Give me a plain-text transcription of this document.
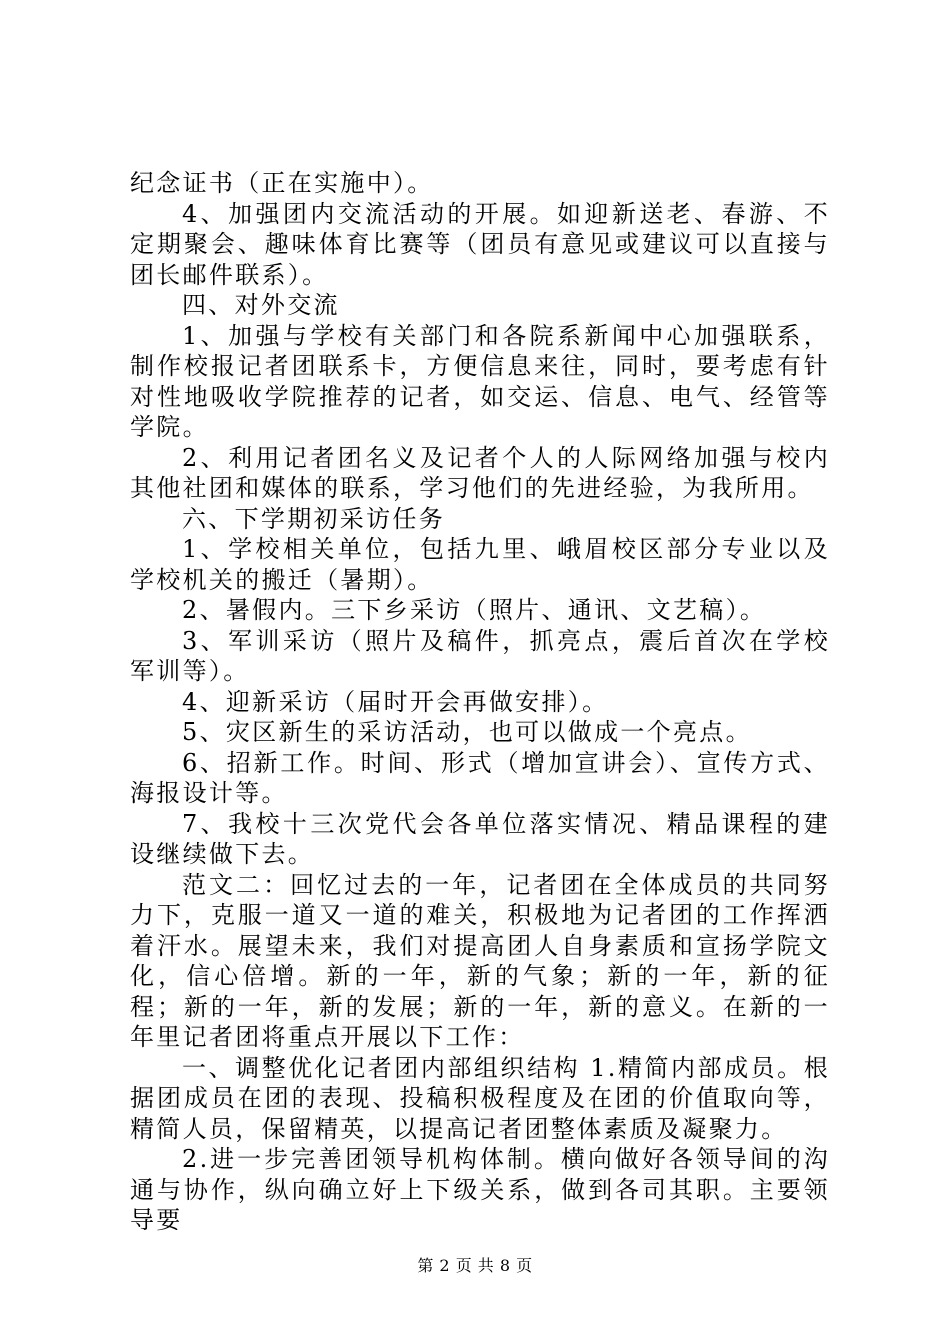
纪念证书（正在实施中）。

4、加强团内交流活动的开展。如迎新送老、春游、不定期聚会、趣味体育比赛等（团员有意见或建议可以直接与团长邮件联系）。

四、对外交流

1、加强与学校有关部门和各院系新闻中心加强联系，制作校报记者团联系卡，方便信息来往，同时，要考虑有针对性地吸收学院推荐的记者，如交运、信息、电气、经管等学院。

2、利用记者团名义及记者个人的人际网络加强与校内其他社团和媒体的联系，学习他们的先进经验，为我所用。

六、下学期初采访任务

1、学校相关单位，包括九里、峨眉校区部分专业以及学校机关的搬迁（暑期）。

2、暑假内。三下乡采访（照片、通讯、文艺稿）。

3、军训采访（照片及稿件，抓亮点，震后首次在学校军训等）。

4、迎新采访（届时开会再做安排）。

5、灾区新生的采访活动，也可以做成一个亮点。

6、招新工作。时间、形式（增加宣讲会）、宣传方式、海报设计等。

7、我校十三次党代会各单位落实情况、精品课程的建设继续做下去。

范文二：回忆过去的一年，记者团在全体成员的共同努力下，克服一道又一道的难关，积极地为记者团的工作挥洒着汗水。展望未来，我们对提高团人自身素质和宣扬学院文化，信心倍增。新的一年，新的气象；新的一年，新的征程；新的一年，新的发展；新的一年，新的意义。在新的一年里记者团将重点开展以下工作：

一、调整优化记者团内部组织结构 1.精简内部成员。根据团成员在团的表现、投稿积极程度及在团的价值取向等，精简人员，保留精英，以提高记者团整体素质及凝聚力。

2.进一步完善团领导机构体制。横向做好各领导间的沟通与协作，纵向确立好上下级关系，做到各司其职。主要领导要

第 2 页 共 8 页
